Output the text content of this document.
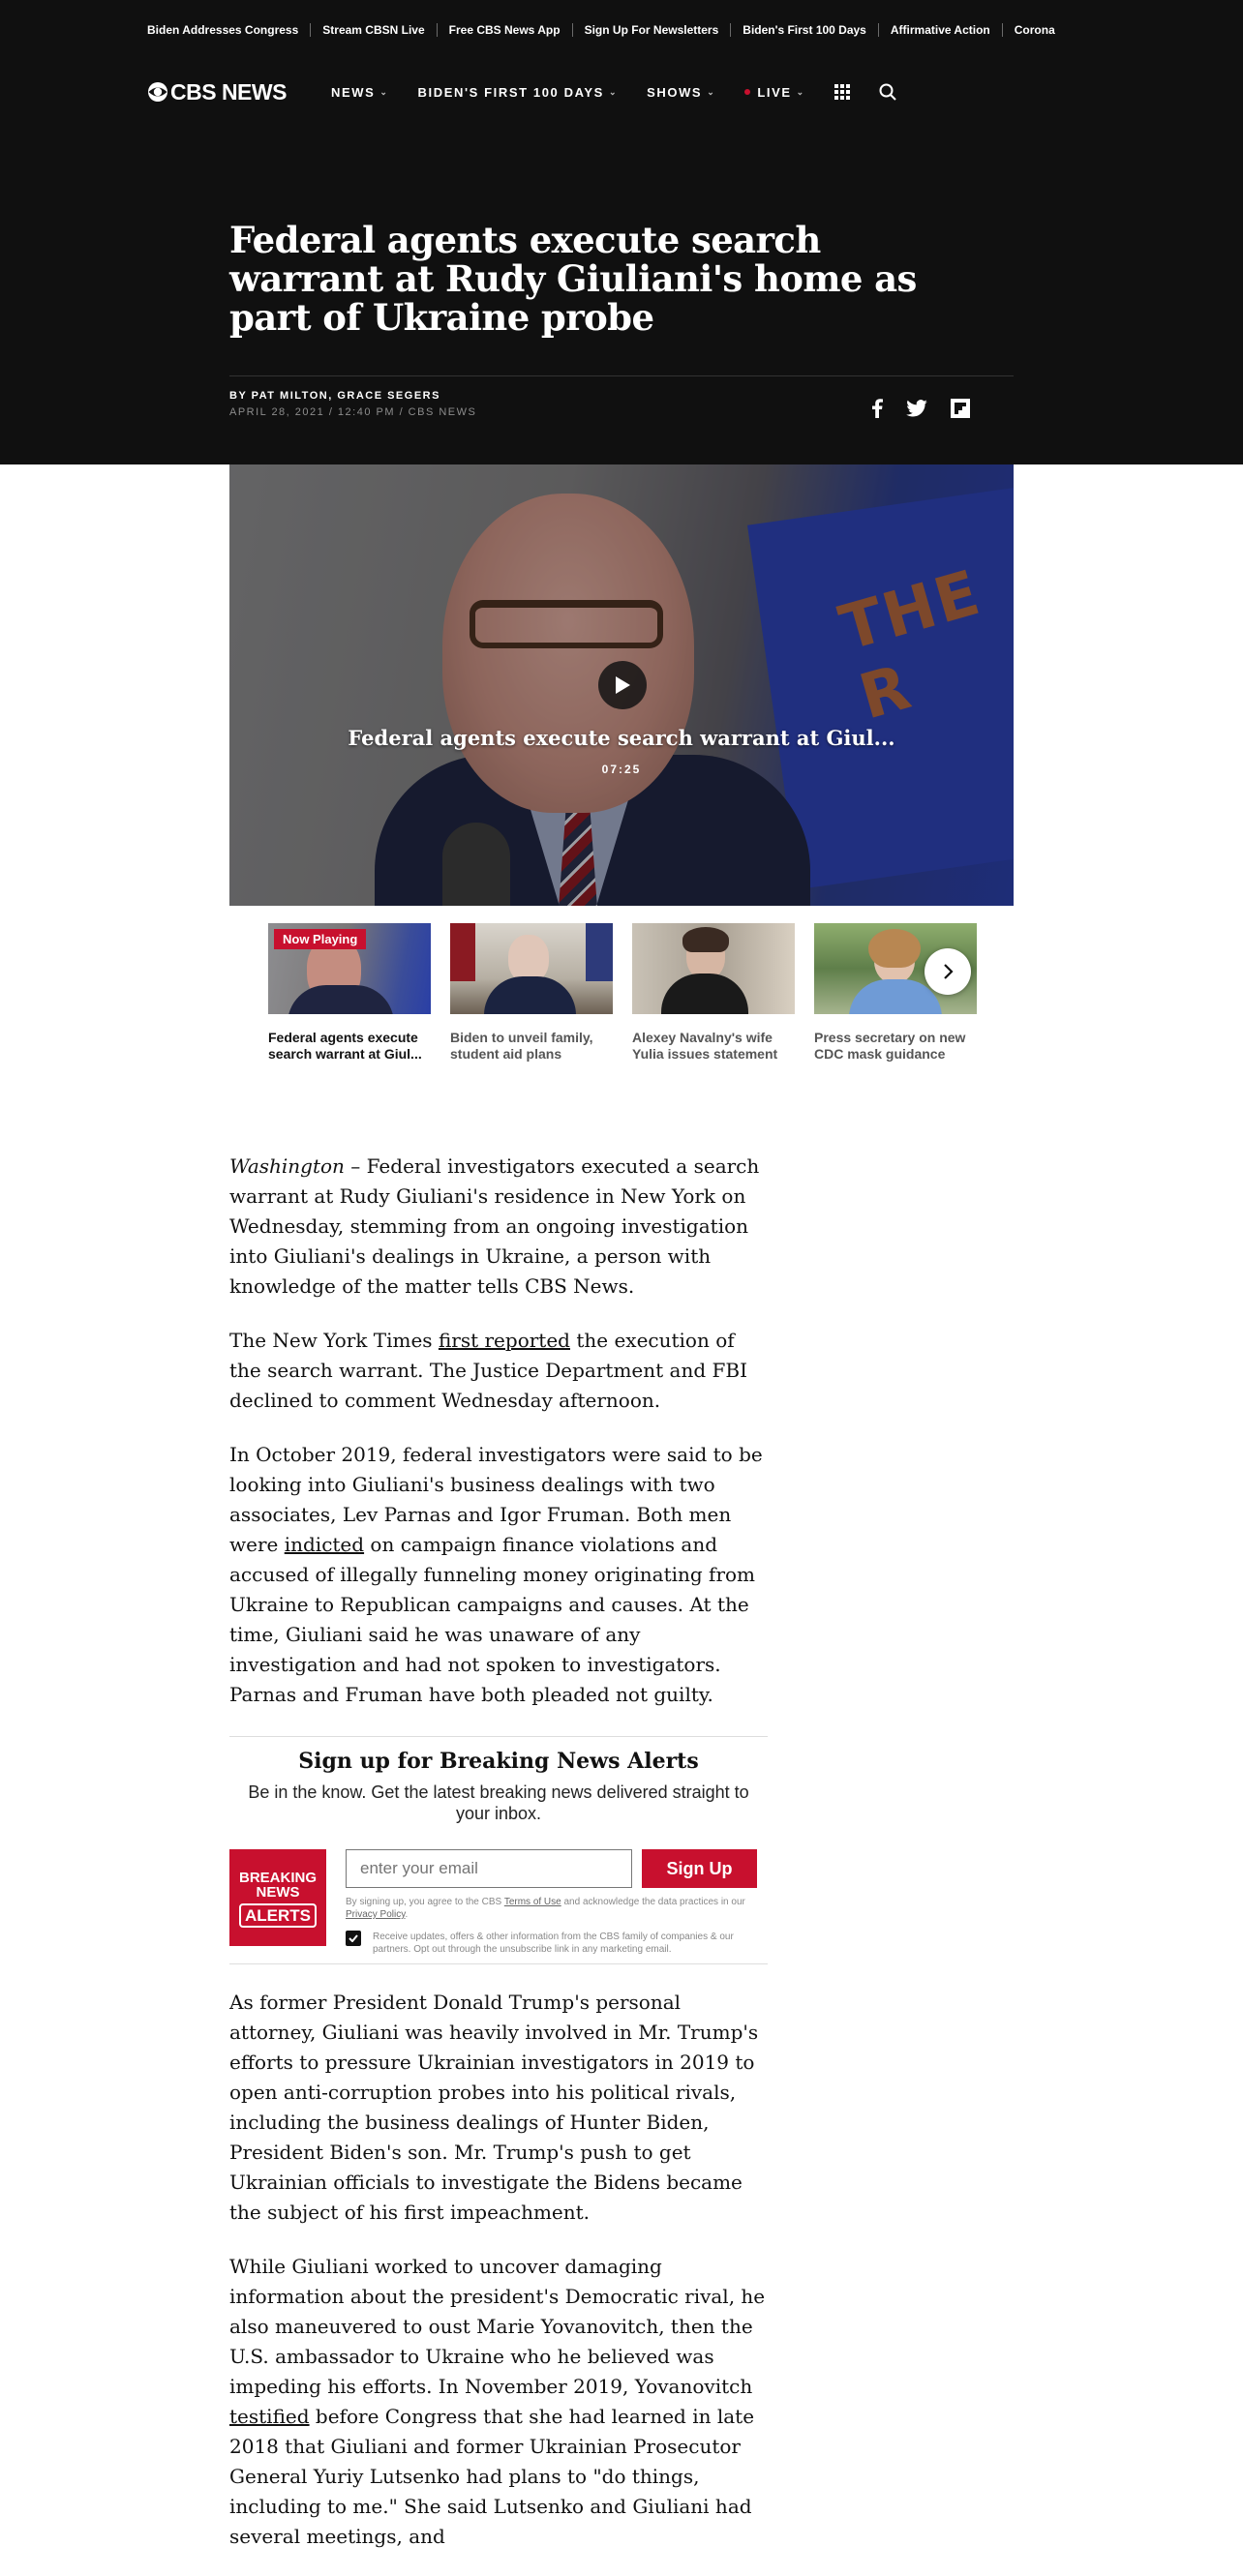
Biden Addresses Congress Stream CBSN Live Free CBS News App Sign Up For Newsletters Biden's First 100 Days Affirmative Action Corona
CBS NEWS	NEWS ⌄ BIDEN'S FIRST 100 DAYS ⌄ SHOWS ⌄	LIVE ⌄
Federal agents execute search warrant at Rudy Giuliani's home as part of Ukraine probe
BY PAT MILTON, GRACE SEGERS
APRIL 28, 2021 / 12:40 PM / CBS NEWS
THE R
Federal agents execute search warrant at Giul...
07:25
Now Playing
Federal agents execute search warrant at Giul...
Biden to unveil family, student aid plans
Alexey Navalny's wife Yulia issues statement
Press secretary on new CDC mask guidance

Washington – Federal investigators executed a search warrant at Rudy Giuliani's residence in New York on Wednesday, stemming from an ongoing investigation into Giuliani's dealings in Ukraine, a person with knowledge of the matter tells CBS News.

The New York Times first reported the execution of the search warrant. The Justice Department and FBI declined to comment Wednesday afternoon.

In October 2019, federal investigators were said to be looking into Giuliani's business dealings with two associates, Lev Parnas and Igor Fruman. Both men were indicted on campaign finance violations and accused of illegally funneling money originating from Ukraine to Republican campaigns and causes. At the time, Giuliani said he was unaware of any investigation and had not spoken to investigators. Parnas and Fruman have both pleaded not guilty.

Sign up for Breaking News Alerts
Be in the know. Get the latest breaking news delivered straight to your inbox.
BREAKING
NEWS
ALERTS
enter your email
Sign Up
By signing up, you agree to the CBS Terms of Use and acknowledge the data practices in our Privacy Policy.
Receive updates, offers & other information from the CBS family of companies & our partners. Opt out through the unsubscribe link in any marketing email.

As former President Donald Trump's personal attorney, Giuliani was heavily involved in Mr. Trump's efforts to pressure Ukrainian investigators in 2019 to open anti-corruption probes into his political rivals, including the business dealings of Hunter Biden, President Biden's son. Mr. Trump's push to get Ukrainian officials to investigate the Bidens became the subject of his first impeachment.

While Giuliani worked to uncover damaging information about the president's Democratic rival, he also maneuvered to oust Marie Yovanovitch, then the U.S. ambassador to Ukraine who he believed was impeding his efforts. In November 2019, Yovanovitch testified before Congress that she had learned in late 2018 that Giuliani and former Ukrainian Prosecutor General Yuriy Lutsenko had plans to "do things, including to me." She said Lutsenko and Giuliani had several meetings, and
